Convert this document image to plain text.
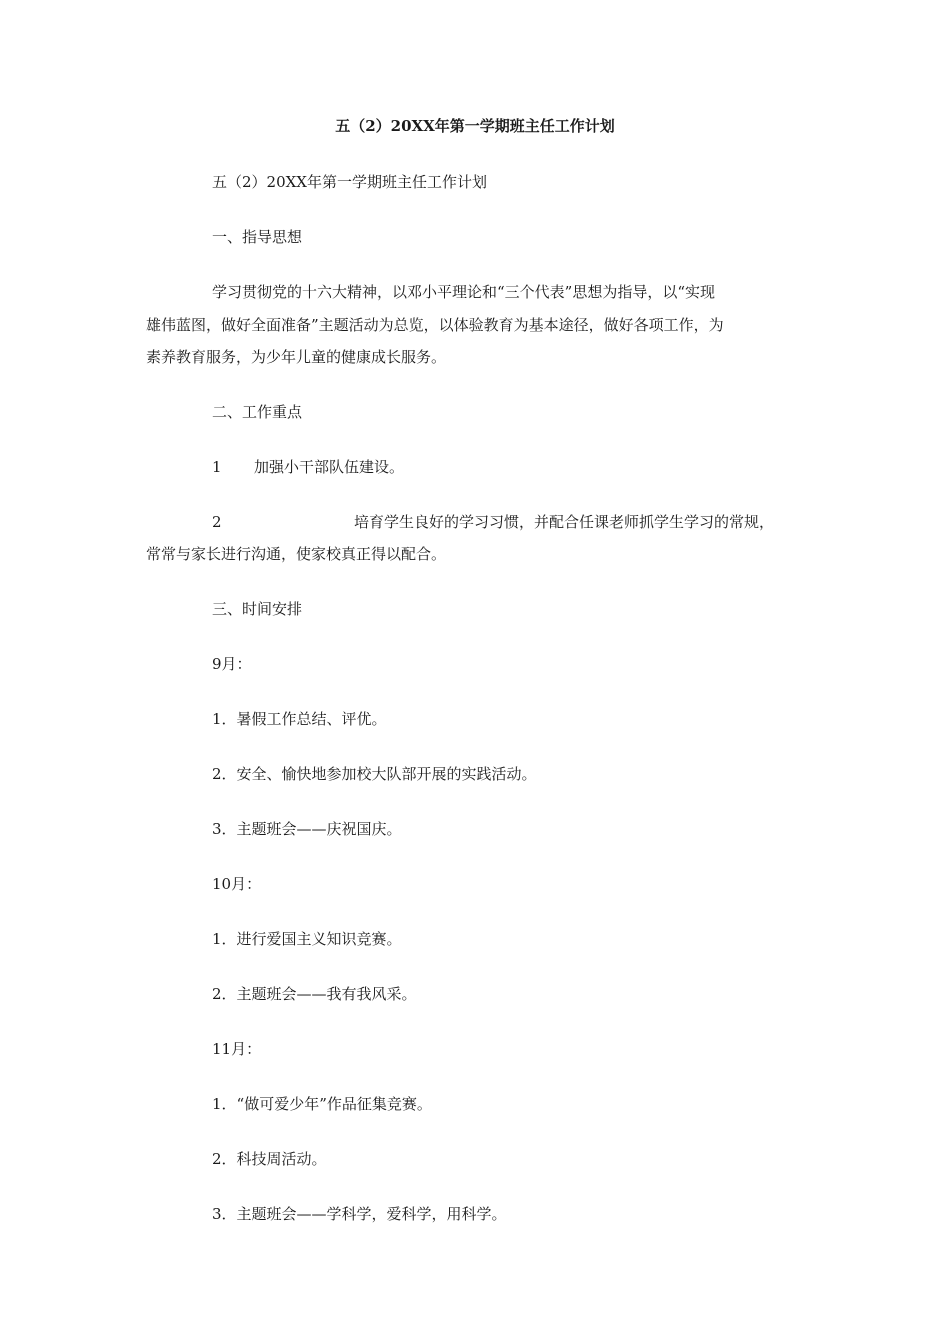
五（2）20XX年第一学期班主任工作计划
五（2）20XX年第一学期班主任工作计划
一、指导思想
学习贯彻党的十六大精神，以邓小平理论和“三个代表”思想为指导，以“实现
雄伟蓝图，做好全面准备”主题活动为总览，以体验教育为基本途径，做好各项工作，为
素养教育服务，为少年儿童的健康成长服务。
二、工作重点
1 加强小干部队伍建设。
2	培育学生良好的学习习惯，并配合任课老师抓学生学习的常规，
常常与家长进行沟通，使家校真正得以配合。
三、时间安排
9月：
1．暑假工作总结、评优。
2．安全、愉快地参加校大队部开展的实践活动。
3．主题班会——庆祝国庆。
10月：
1．进行爱国主义知识竞赛。
2．主题班会——我有我风采。
11月：
1．“做可爱少年”作品征集竞赛。
2．科技周活动。
3．主题班会——学科学，爱科学，用科学。
